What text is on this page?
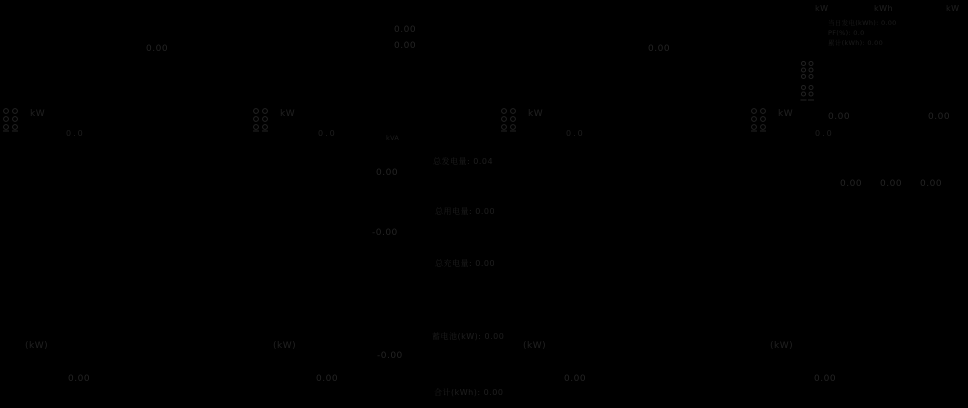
kW
0.0
kW
0.0
kW
0.0
kW
0.0
0.00
0.00
0.00	0.00
kVA
总发电量: 0.04
0.00
总用电量: 0.00
-0.00
总充电量: 0.00
蓄电池(kW): 0.00
-0.00
合计(kWh): 0.00
kW	kWh	kW
当日发电(kWh): 0.00
PF(%): 0.0
累计(kWh): 0.00
0.00	0.00
0.00 0.00 0.00
(kW)
0.00
(kW)
0.00
(kW)
0.00
(kW)
0.00
